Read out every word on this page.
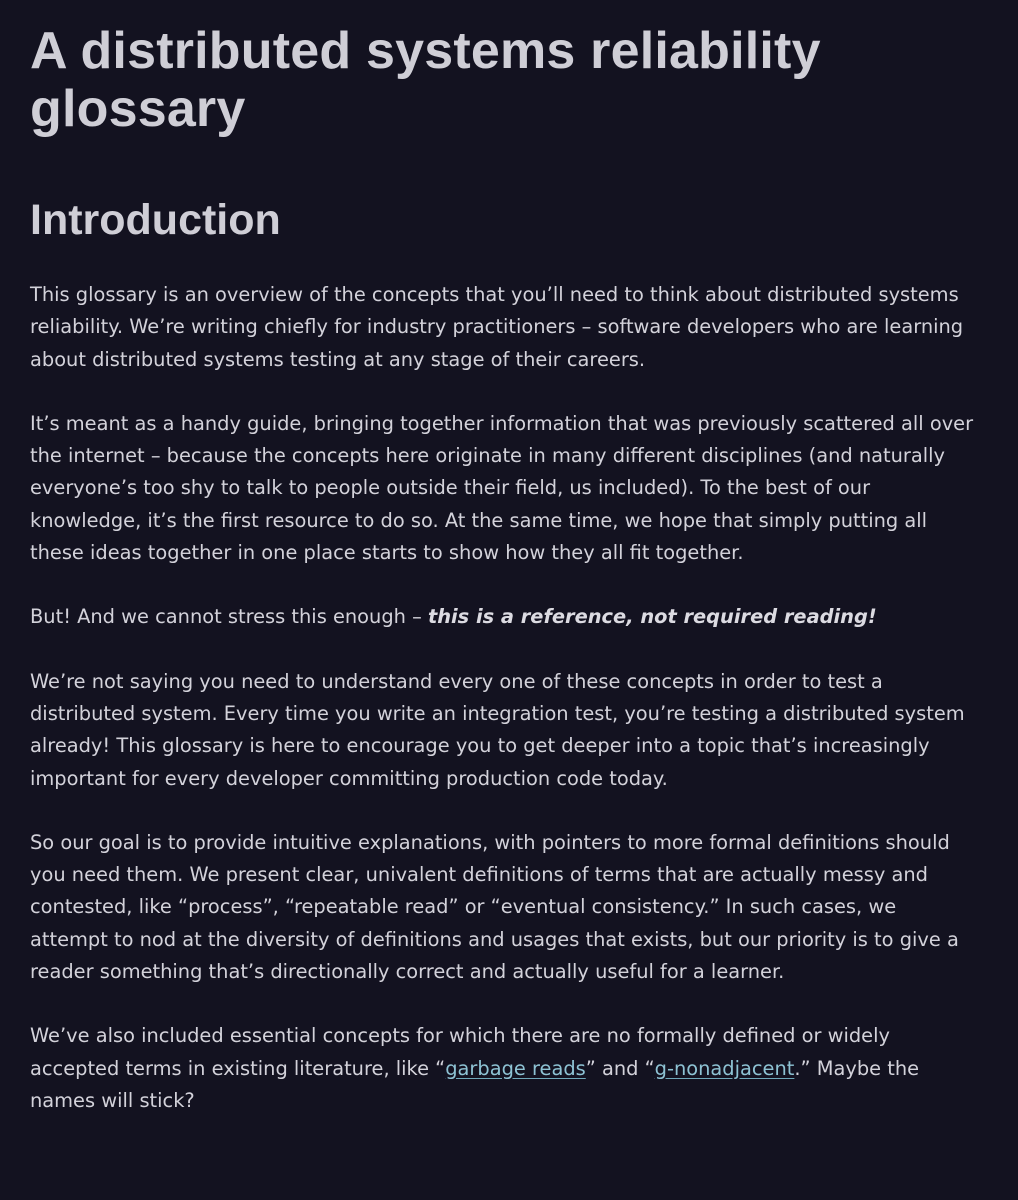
A distributed systems reliability glossary
Introduction

This glossary is an overview of the concepts that you’ll need to think about distributed systems reliability. We’re writing chiefly for industry practitioners – software developers who are learning about distributed systems testing at any stage of their careers.

It’s meant as a handy guide, bringing together information that was previously scattered all over the internet – because the concepts here originate in many different disciplines (and naturally everyone’s too shy to talk to people outside their field, us included). To the best of our knowledge, it’s the first resource to do so. At the same time, we hope that simply putting all these ideas together in one place starts to show how they all fit together.

But! And we cannot stress this enough – this is a reference, not required reading!

We’re not saying you need to understand every one of these concepts in order to test a distributed system. Every time you write an integration test, you’re testing a distributed system already! This glossary is here to encourage you to get deeper into a topic that’s increasingly important for every developer committing production code today.

So our goal is to provide intuitive explanations, with pointers to more formal definitions should you need them. We present clear, univalent definitions of terms that are actually messy and contested, like “process”, “repeatable read” or “eventual consistency.” In such cases, we attempt to nod at the diversity of definitions and usages that exists, but our priority is to give a reader something that’s directionally correct and actually useful for a learner.

We’ve also included essential concepts for which there are no formally defined or widely accepted terms in existing literature, like “garbage reads” and “g-nonadjacent.” Maybe the names will stick?
